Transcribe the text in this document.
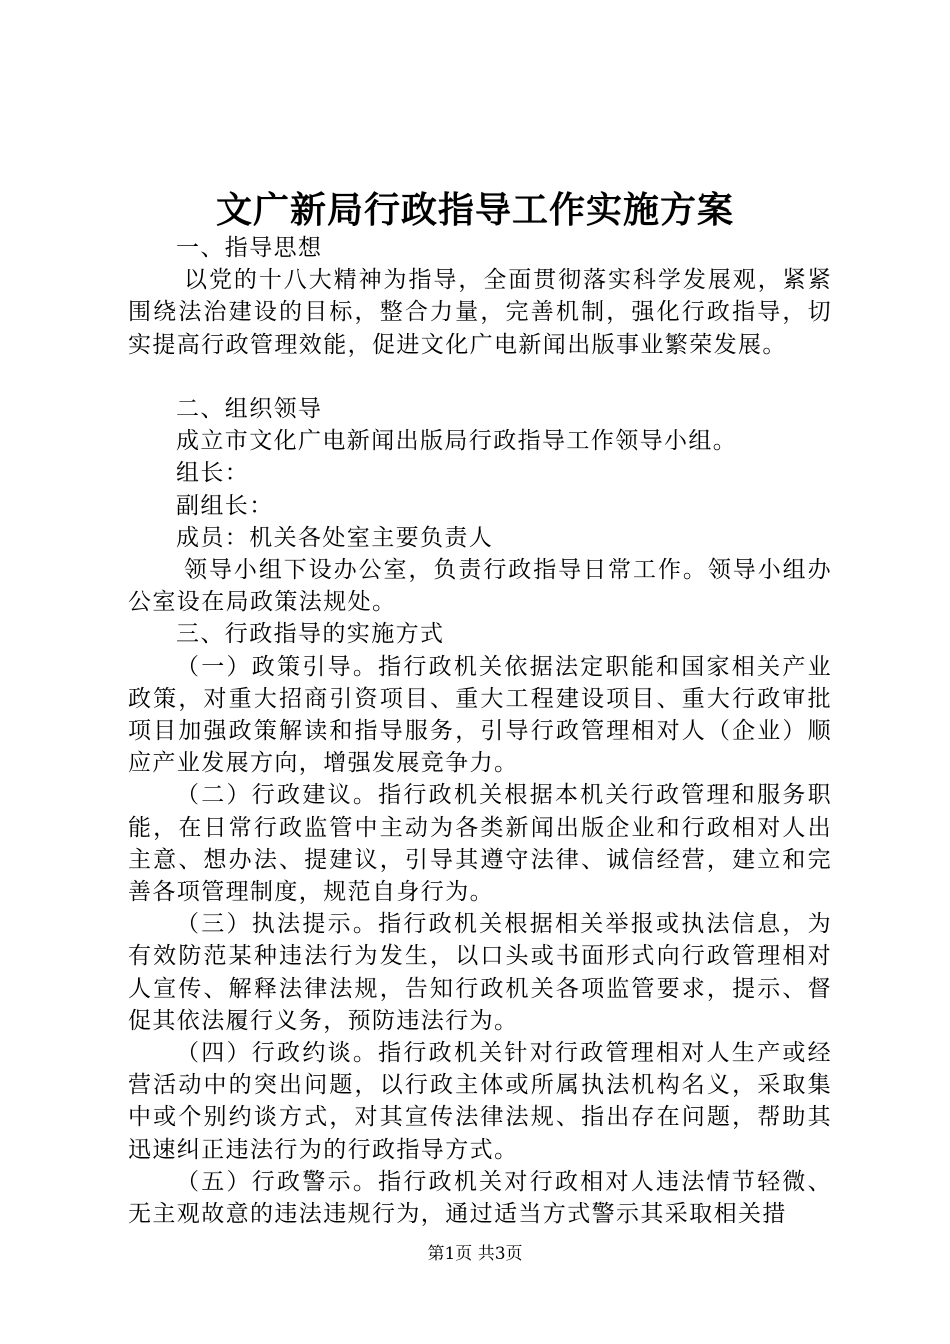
文广新局行政指导工作实施方案

一、指导思想

以党的十八大精神为指导，全面贯彻落实科学发展观，紧紧围绕法治建设的目标，整合力量，完善机制，强化行政指导，切实提高行政管理效能，促进文化广电新闻出版事业繁荣发展。

二、组织领导

成立市文化广电新闻出版局行政指导工作领导小组。

组长：

副组长：

成员：机关各处室主要负责人

领导小组下设办公室，负责行政指导日常工作。领导小组办公室设在局政策法规处。

三、行政指导的实施方式

（一）政策引导。指行政机关依据法定职能和国家相关产业政策，对重大招商引资项目、重大工程建设项目、重大行政审批项目加强政策解读和指导服务，引导行政管理相对人（企业）顺应产业发展方向，增强发展竞争力。

（二）行政建议。指行政机关根据本机关行政管理和服务职能，在日常行政监管中主动为各类新闻出版企业和行政相对人出主意、想办法、提建议，引导其遵守法律、诚信经营，建立和完善各项管理制度，规范自身行为。

（三）执法提示。指行政机关根据相关举报或执法信息，为有效防范某种违法行为发生，以口头或书面形式向行政管理相对人宣传、解释法律法规，告知行政机关各项监管要求，提示、督促其依法履行义务，预防违法行为。

（四）行政约谈。指行政机关针对行政管理相对人生产或经营活动中的突出问题，以行政主体或所属执法机构名义，采取集中或个别约谈方式，对其宣传法律法规、指出存在问题，帮助其迅速纠正违法行为的行政指导方式。

（五）行政警示。指行政机关对行政相对人违法情节轻微、无主观故意的违法违规行为，通过适当方式警示其采取相关措

第1页 共3页
